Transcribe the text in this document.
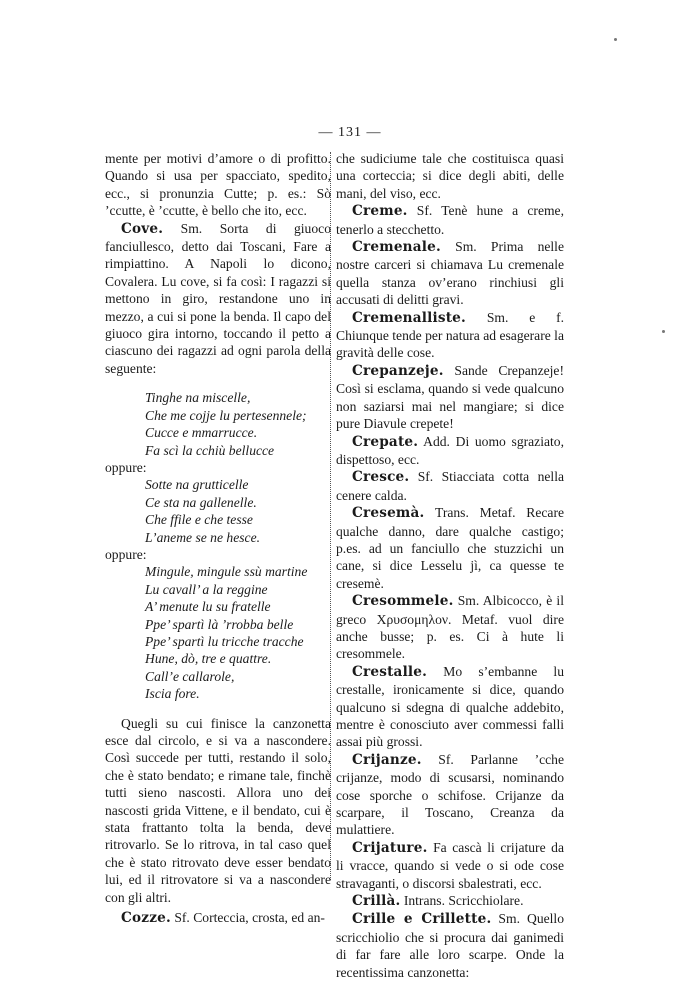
— 131 —
mente per motivi d’amore o di profitto. Quando si usa per spacciato, spedito, ecc., si pronunzia Cutte; p. es.: Sò ’ccutte, è ’ccutte, è bello che ito, ecc.
Cove. Sm. Sorta di giuoco fanciullesco, detto dai Toscani, Fare a rimpiattino. A Napoli lo dicono, Covalera. Lu cove, si fa così: I ragazzi si mettono in giro, restandone uno in mezzo, a cui si pone la benda. Il capo del giuoco gira intorno, toccando il petto a ciascuno dei ragazzi ad ogni parola della seguente:
Tinghe na miscelle,
Che me cojje lu pertesennele;
Cucce e mmarrucce.
Fa scì la cchiù bellucce
oppure:
Sotte na grutticelle
Ce sta na gallenelle.
Che ffile e che tesse
L’aneme se ne hesce.
oppure:
Mingule, mingule ssù martine
Lu cavall’ a la reggine
A’ menute lu su fratelle
Ppe’ spartì là ’rrobba belle
Ppe’ spartì lu tricche tracche
Hune, dò, tre e quattre.
Call’e callarole,
Iscia fore.
Quegli su cui finisce la canzonetta esce dal circolo, e si va a nascondere. Così succede per tutti, restando il solo, che è stato bendato; e rimane tale, finchè tutti sieno nascosti. Allora uno dei nascosti grida Vittene, e il bendato, cui è stata frattanto tolta la benda, deve ritrovarlo. Se lo ritrova, in tal caso quel che è stato ritrovato deve esser bendato lui, ed il ritrovatore si va a nascondere con gli altri.
Cozze. Sf. Corteccia, crosta, ed an-
che sudiciume tale che costituisca quasi una corteccia; si dice degli abiti, delle mani, del viso, ecc.
Creme. Sf. Tenè hune a creme, tenerlo a stecchetto.
Cremenale. Sm. Prima nelle nostre carceri si chiamava Lu cremenale quella stanza ov’erano rinchiusi gli accusati di delitti gravi.
Cremenalliste. Sm. e f. Chiunque tende per natura ad esagerare la gravità delle cose.
Crepanzeje. Sande Crepanzeje! Così si esclama, quando si vede qualcuno non saziarsi mai nel mangiare; si dice pure Diavule crepete!
Crepate. Add. Di uomo sgraziato, dispettoso, ecc.
Cresce. Sf. Stiacciata cotta nella cenere calda.
Cresemà. Trans. Metaf. Recare qualche danno, dare qualche castigo; p.es. ad un fanciullo che stuzzichi un cane, si dice Lesselu jì, ca quesse te cresemè.
Cresommele. Sm. Albicocco, è il greco Χρυσομηλον. Metaf. vuol dire anche busse; p. es. Ci à hute li cresommele.
Crestalle. Mo s’embanne lu crestalle, ironicamente si dice, quando qualcuno si sdegna di qualche addebito, mentre è conosciuto aver commessi falli assai più grossi.
Crijanze. Sf. Parlanne ’cche crijanze, modo di scusarsi, nominando cose sporche o schifose. Crijanze da scarpare, il Toscano, Creanza da mulattiere.
Crijature. Fa cascà li crijature da li vracce, quando si vede o si ode cose stravaganti, o discorsi sbalestrati, ecc.
Crillà. Intrans. Scricchiolare.
Crille e Crillette. Sm. Quello scricchiolio che si procura dai ganimedi di far fare alle loro scarpe. Onde la recentissima canzonetta:
